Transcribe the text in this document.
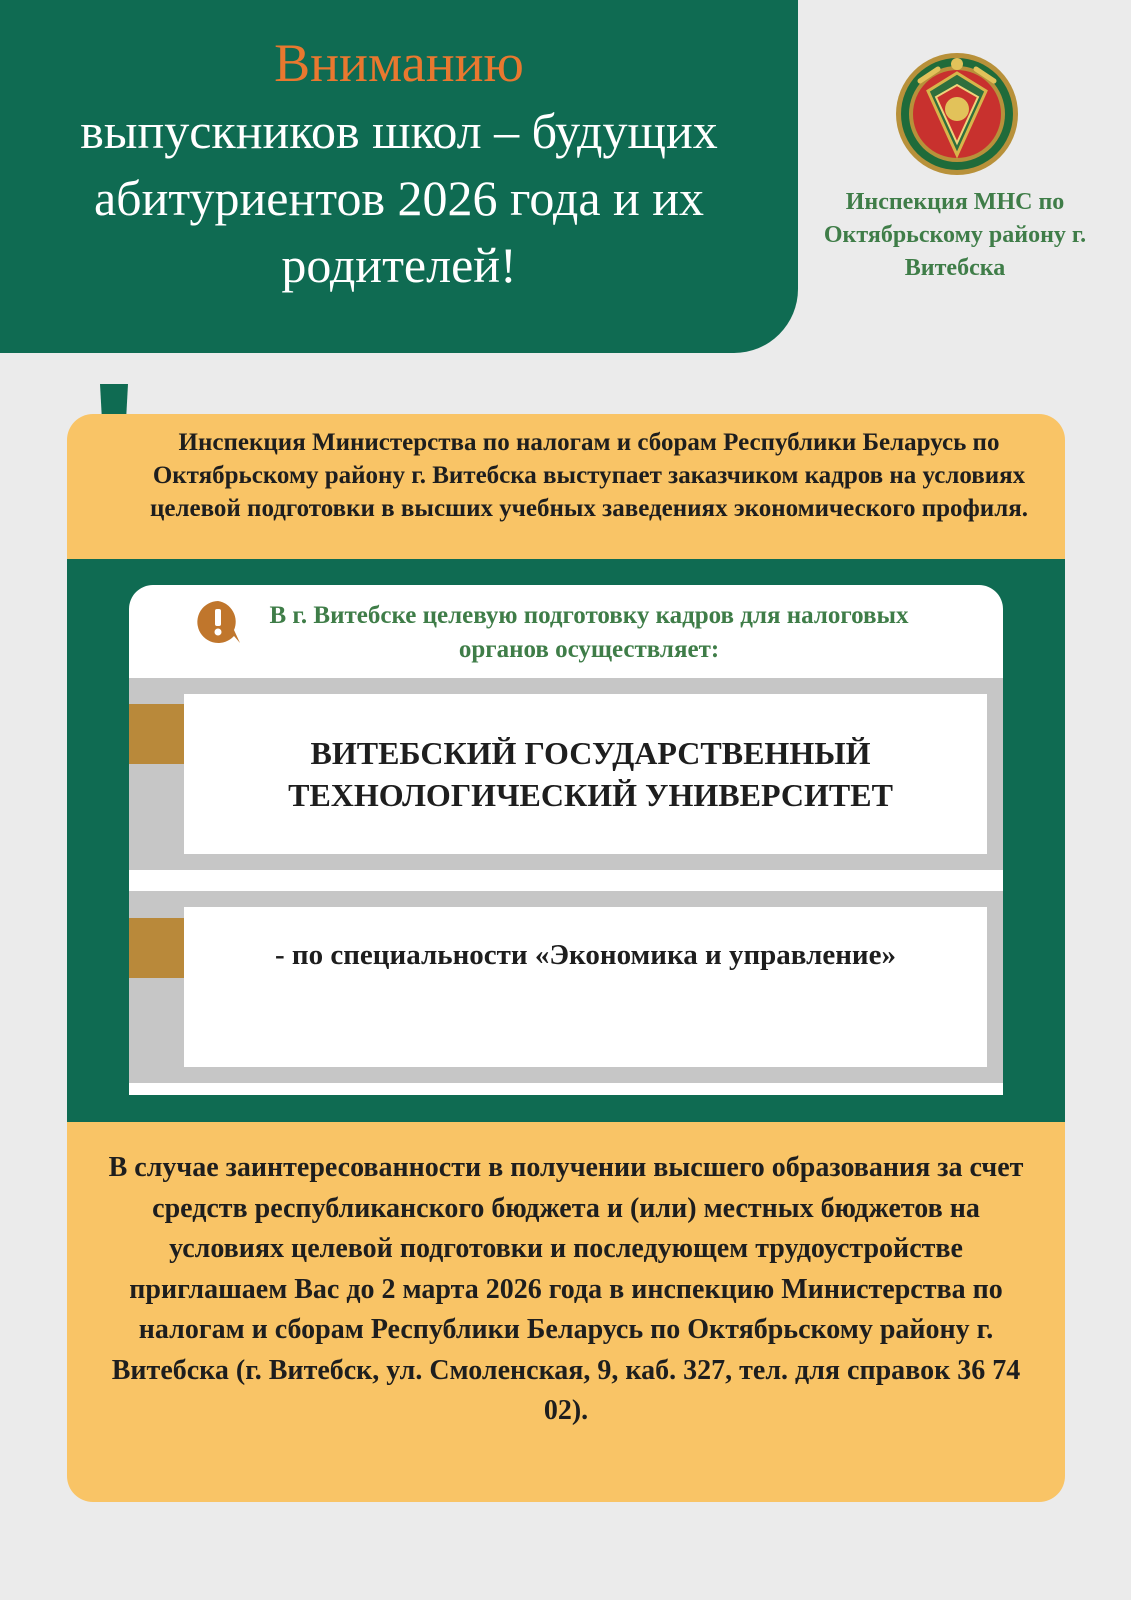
Вниманию
выпускников школ – будущих абитуриентов 2026 года и их родителей!
Инспекция МНС по Октябрьскому району г. Витебска
Инспекция Министерства по налогам и сборам Республики Беларусь по Октябрьскому району г. Витебска выступает заказчиком кадров на условиях целевой подготовки в высших учебных заведениях экономического профиля.
В г. Витебске целевую подготовку кадров для налоговых органов осуществляет:
ВИТЕБСКИЙ ГОСУДАРСТВЕННЫЙ ТЕХНОЛОГИЧЕСКИЙ УНИВЕРСИТЕТ
- по специальности «Экономика и управление»
В случае заинтересованности в получении высшего образования за счет средств республиканского бюджета и (или) местных бюджетов на условиях целевой подготовки и последующем трудоустройстве приглашаем Вас до 2 марта 2026 года в инспекцию Министерства по налогам и сборам Республики Беларусь по Октябрьскому району г. Витебска (г. Витебск, ул. Смоленская, 9, каб. 327, тел. для справок 36 74 02).
